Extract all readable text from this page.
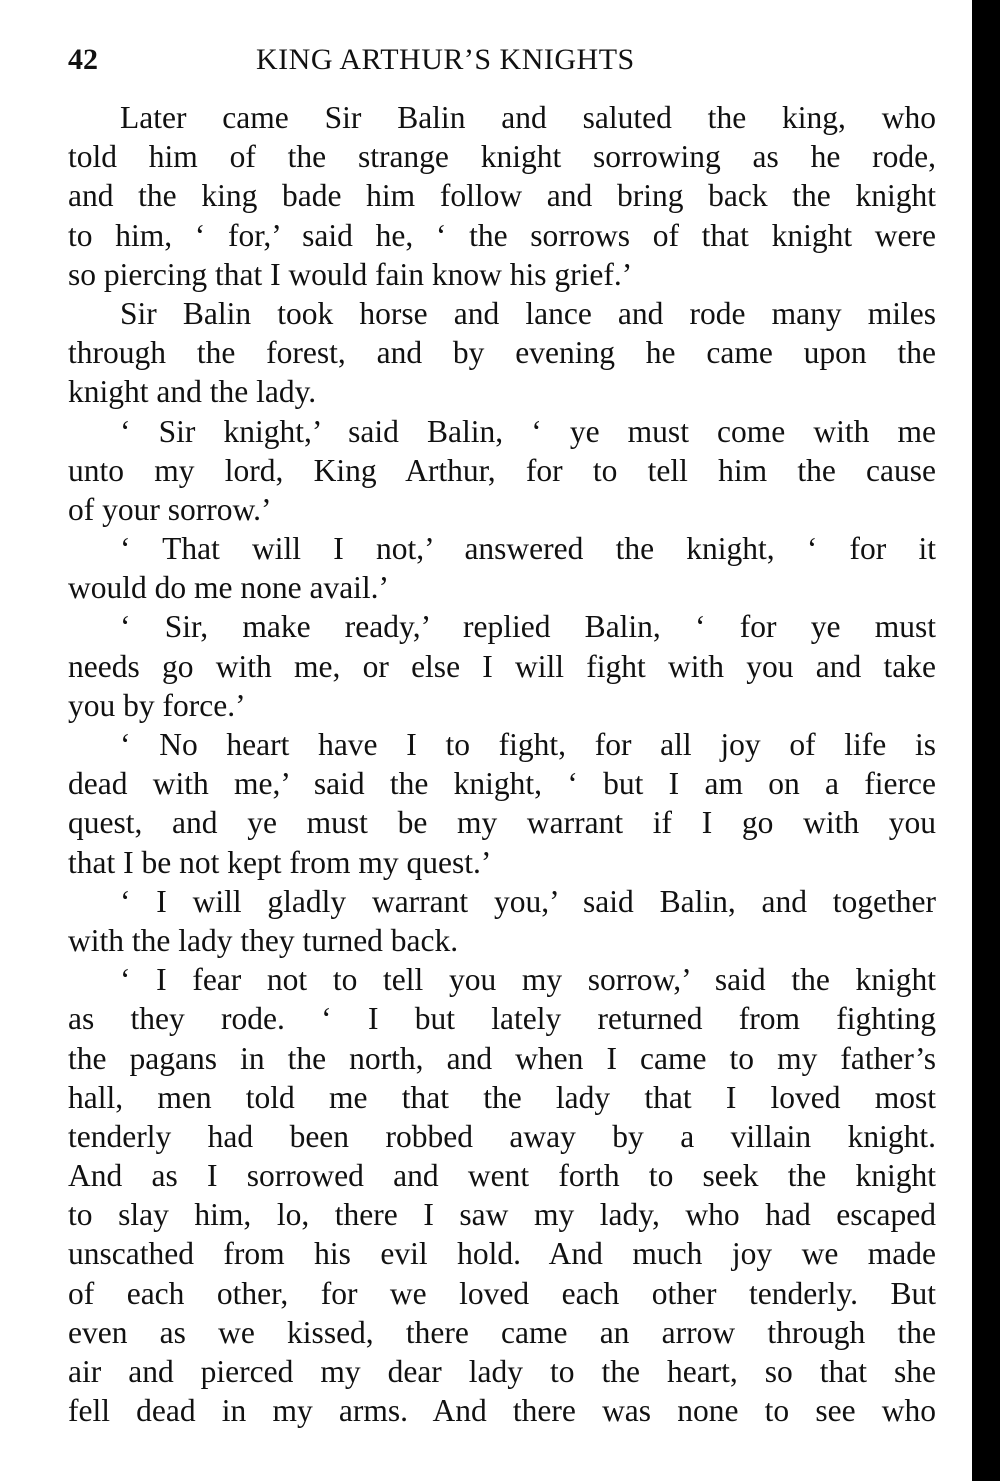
42	KING ARTHUR’S KNIGHTS
Later came Sir Balin and saluted the king, who
told him of the strange knight sorrowing as he rode,
and the king bade him follow and bring back the knight
to him, ‘ for,’ said he, ‘ the sorrows of that knight were
so piercing that I would fain know his grief.’
Sir Balin took horse and lance and rode many miles
through the forest, and by evening he came upon the
knight and the lady.
‘ Sir knight,’ said Balin, ‘ ye must come with me
unto my lord, King Arthur, for to tell him the cause
of your sorrow.’
‘ That will I not,’ answered the knight, ‘ for it
would do me none avail.’
‘ Sir, make ready,’ replied Balin, ‘ for ye must
needs go with me, or else I will fight with you and take
you by force.’
‘ No heart have I to fight, for all joy of life is
dead with me,’ said the knight, ‘ but I am on a fierce
quest, and ye must be my warrant if I go with you
that I be not kept from my quest.’
‘ I will gladly warrant you,’ said Balin, and together
with the lady they turned back.
‘ I fear not to tell you my sorrow,’ said the knight
as they rode. ‘ I but lately returned from fighting
the pagans in the north, and when I came to my father’s
hall, men told me that the lady that I loved most
tenderly had been robbed away by a villain knight.
And as I sorrowed and went forth to seek the knight
to slay him, lo, there I saw my lady, who had escaped
unscathed from his evil hold. And much joy we made
of each other, for we loved each other tenderly. But
even as we kissed, there came an arrow through the
air and pierced my dear lady to the heart, so that she
fell dead in my arms. And there was none to see who
